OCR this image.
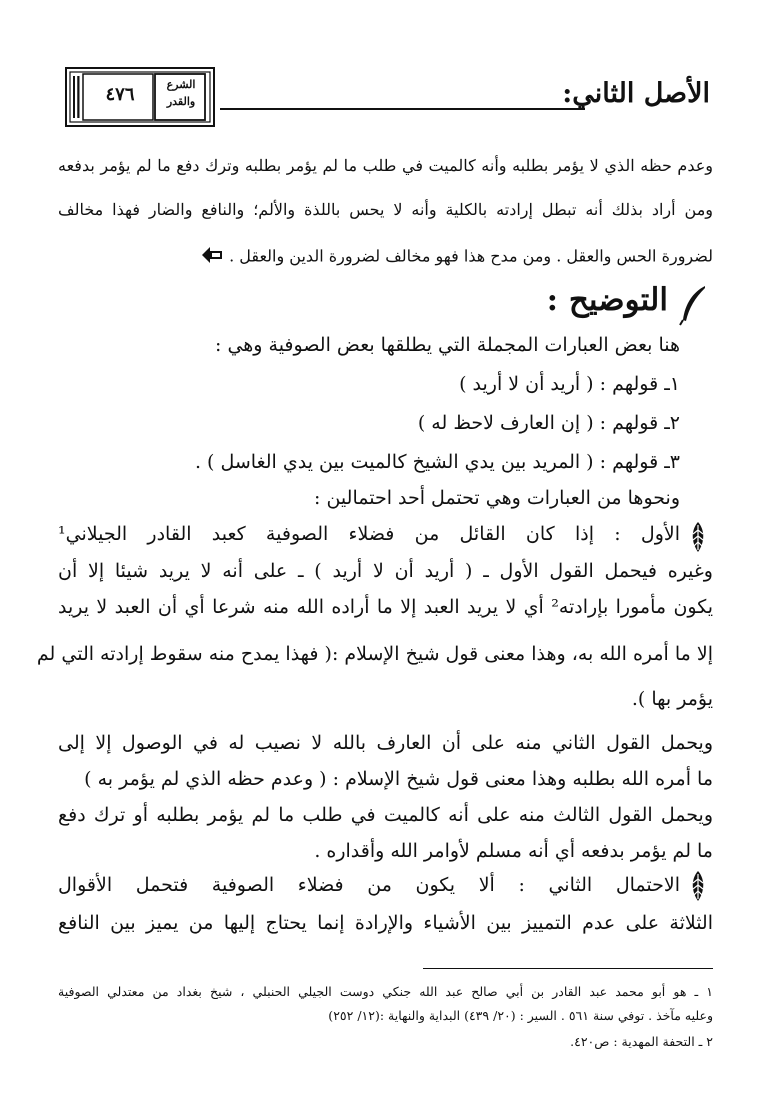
الأصل الثاني:
٤٧٦	الشرع
والقدر
وعدم حظه الذي لا يؤمر بطلبه وأنه كالميت في طلب ما لم يؤمر بطلبه وترك دفع ما لم يؤمر بدفعه
ومن أراد بذلك أنه تبطل إرادته بالكلية وأنه لا يحس باللذة والألم؛ والنافع والضار فهذا مخالف
لضرورة الحس والعقل . ومن مدح هذا فهو مخالف لضرورة الدين والعقل .
التوضيح :
هنا بعض العبارات المجملة التي يطلقها بعض الصوفية وهي :
١ـ قولهم : ( أريد أن لا أريد )
٢ـ قولهم : ( إن العارف لاحظ له )
٣ـ قولهم : ( المريد بين يدي الشيخ كالميت بين يدي الغاسل ) .
ونحوها من العبارات وهي تحتمل أحد احتمالين :
الأول : إذا كان القائل من فضلاء الصوفية كعبد القادر الجيلاني¹
وغيره فيحمل القول الأول ـ ( أريد أن لا أريد ) ـ على أنه لا يريد شيئا إلا أن
يكون مأمورا بإرادته² أي لا يريد العبد إلا ما أراده الله منه شرعا أي أن العبد لا يريد
إلا ما أمره الله به، وهذا معنى قول شيخ الإسلام :( فهذا يمدح منه سقوط إرادته التي لم
يؤمر بها ).
ويحمل القول الثاني منه على أن العارف بالله لا نصيب له في الوصول إلا إلى
ما أمره الله بطلبه وهذا معنى قول شيخ الإسلام : ( وعدم حظه الذي لم يؤمر به )
ويحمل القول الثالث منه على أنه كالميت في طلب ما لم يؤمر بطلبه أو ترك دفع
ما لم يؤمر بدفعه أي أنه مسلم لأوامر الله وأقداره .
الاحتمال الثاني : ألا يكون من فضلاء الصوفية فتحمل الأقوال
الثلاثة على عدم التمييز بين الأشياء والإرادة إنما يحتاج إليها من يميز بين النافع
١ ـ هو أبو محمد عبد القادر بن أبي صالح عبد الله جنكي دوست الجيلي الحنبلي ، شيخ بغداد من معتدلي الصوفية
وعليه مآخذ . توفي سنة ٥٦١ . السير : (٢٠/ ٤٣٩) البداية والنهاية :(١٢/ ٢٥٢)
٢ ـ التحفة المهدية : ص٤٢٠.
